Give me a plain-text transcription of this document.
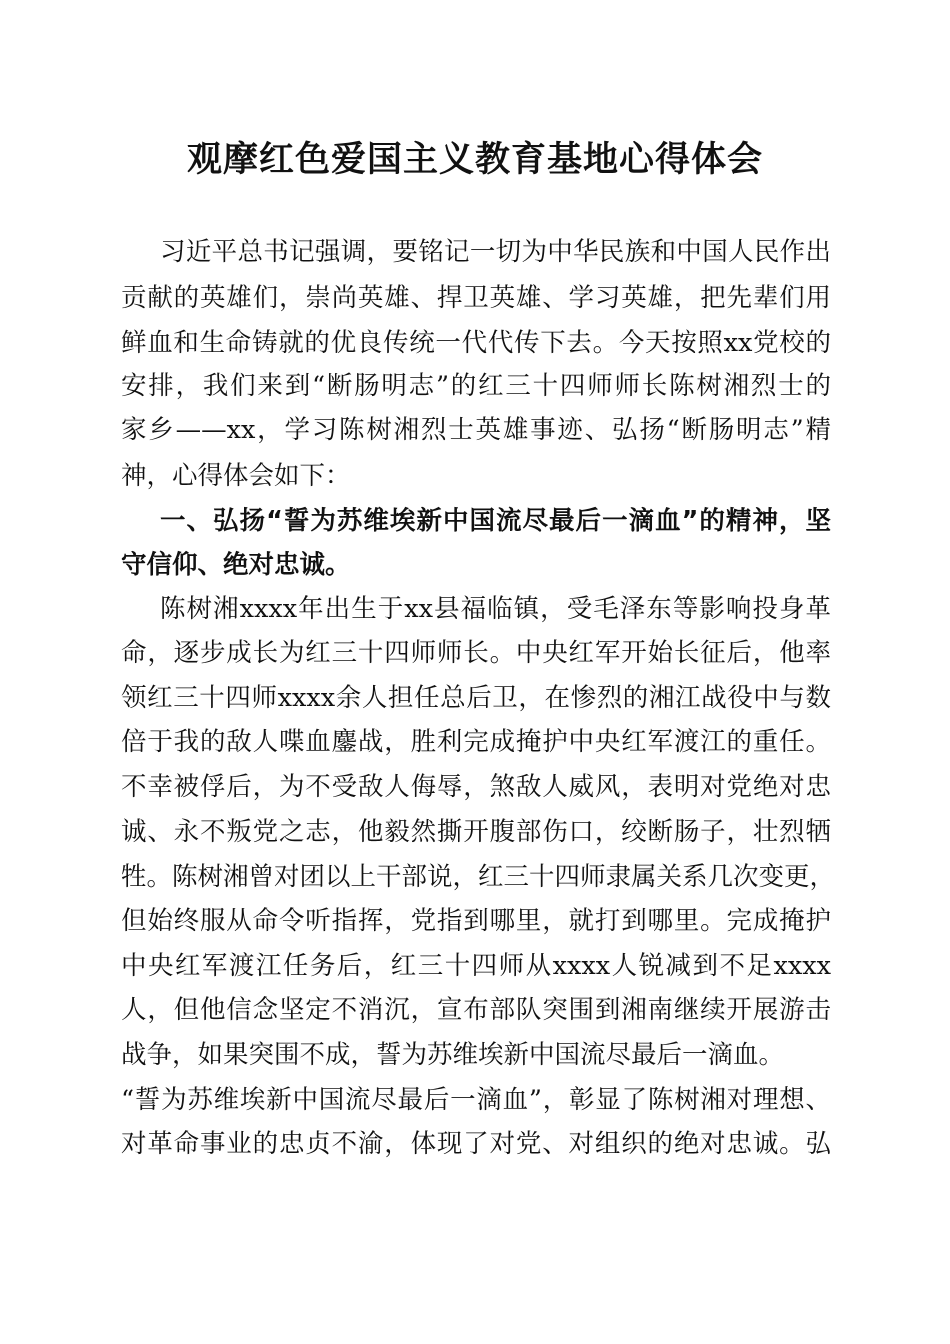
观摩红色爱国主义教育基地心得体会
习近平总书记强调，要铭记一切为中华民族和中国人民作出
贡献的英雄们，崇尚英雄、捍卫英雄、学习英雄，把先辈们用
鲜血和生命铸就的优良传统一代代传下去。今天按照xx党校的
安排，我们来到“断肠明志”的红三十四师师长陈树湘烈士的
家乡——xx，学习陈树湘烈士英雄事迹、弘扬“断肠明志”精
神，心得体会如下：
一、弘扬“誓为苏维埃新中国流尽最后一滴血”的精神，坚
守信仰、绝对忠诚。
陈树湘xxxx年出生于xx县福临镇，受毛泽东等影响投身革
命，逐步成长为红三十四师师长。中央红军开始长征后，他率
领红三十四师xxxx余人担任总后卫，在惨烈的湘江战役中与数
倍于我的敌人喋血鏖战，胜利完成掩护中央红军渡江的重任。
不幸被俘后，为不受敌人侮辱，煞敌人威风，表明对党绝对忠
诚、永不叛党之志，他毅然撕开腹部伤口，绞断肠子，壮烈牺
牲。陈树湘曾对团以上干部说，红三十四师隶属关系几次变更，
但始终服从命令听指挥，党指到哪里，就打到哪里。完成掩护
中央红军渡江任务后，红三十四师从xxxx人锐减到不足xxxx
人，但他信念坚定不消沉，宣布部队突围到湘南继续开展游击
战争，如果突围不成，誓为苏维埃新中国流尽最后一滴血。
“誓为苏维埃新中国流尽最后一滴血”，彰显了陈树湘对理想、
对革命事业的忠贞不渝，体现了对党、对组织的绝对忠诚。弘
